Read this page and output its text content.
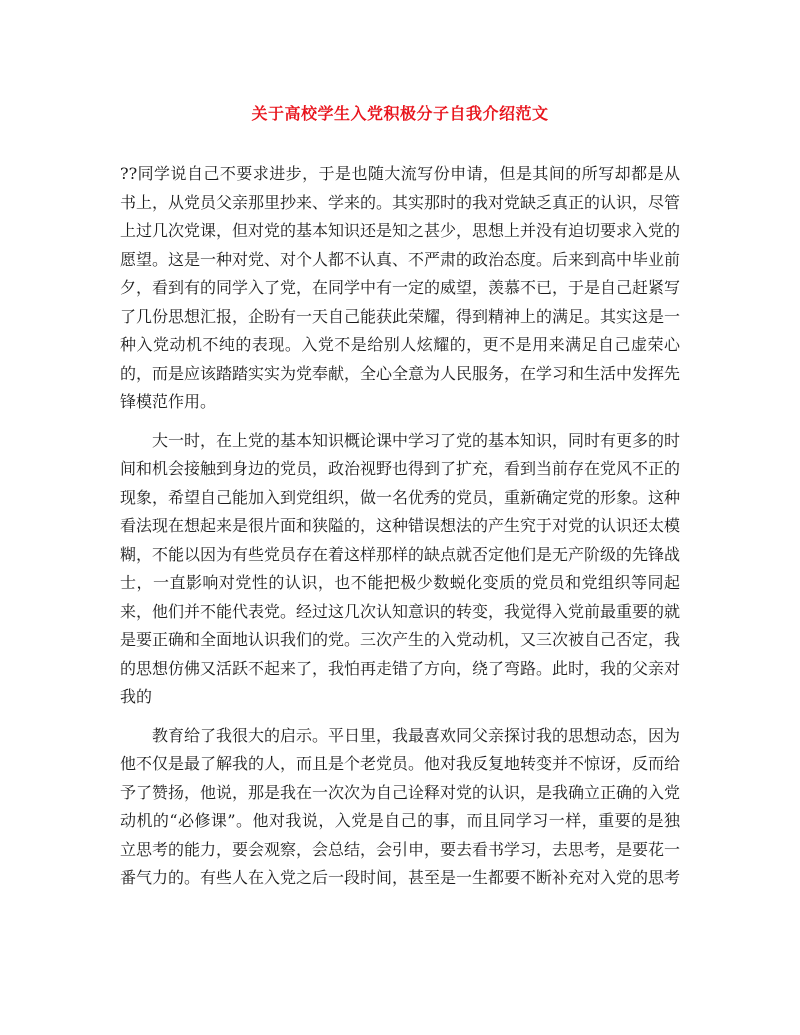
关于高校学生入党积极分子自我介绍范文

??同学说自己不要求进步，于是也随大流写份申请，但是其间的所写却都是从书上，从党员父亲那里抄来、学来的。其实那时的我对党缺乏真正的认识，尽管上过几次党课，但对党的基本知识还是知之甚少，思想上并没有迫切要求入党的愿望。这是一种对党、对个人都不认真、不严肃的政治态度。后来到高中毕业前夕，看到有的同学入了党，在同学中有一定的威望，羡慕不已，于是自己赶紧写了几份思想汇报，企盼有一天自己能获此荣耀，得到精神上的满足。其实这是一种入党动机不纯的表现。入党不是给别人炫耀的，更不是用来满足自己虚荣心的，而是应该踏踏实实为党奉献，全心全意为人民服务，在学习和生活中发挥先锋模范作用。

大一时，在上党的基本知识概论课中学习了党的基本知识，同时有更多的时间和机会接触到身边的党员，政治视野也得到了扩充，看到当前存在党风不正的现象，希望自己能加入到党组织，做一名优秀的党员，重新确定党的形象。这种看法现在想起来是很片面和狭隘的，这种错误想法的产生究于对党的认识还太模糊，不能以因为有些党员存在着这样那样的缺点就否定他们是无产阶级的先锋战士，一直影响对党性的认识，也不能把极少数蜕化变质的党员和党组织等同起来，他们并不能代表党。经过这几次认知意识的转变，我觉得入党前最重要的就是要正确和全面地认识我们的党。三次产生的入党动机，又三次被自己否定，我的思想仿佛又活跃不起来了，我怕再走错了方向，绕了弯路。此时，我的父亲对我的

教育给了我很大的启示。平日里，我最喜欢同父亲探讨我的思想动态，因为他不仅是最了解我的人，而且是个老党员。他对我反复地转变并不惊讶，反而给予了赞扬，他说，那是我在一次次为自己诠释对党的认识，是我确立正确的入党动机的“必修课”。他对我说，入党是自己的事，而且同学习一样，重要的是独立思考的能力，要会观察，会总结，会引申，要去看书学习，去思考，是要花一番气力的。有些人在入党之后一段时间，甚至是一生都要不断补充对入党的思考
